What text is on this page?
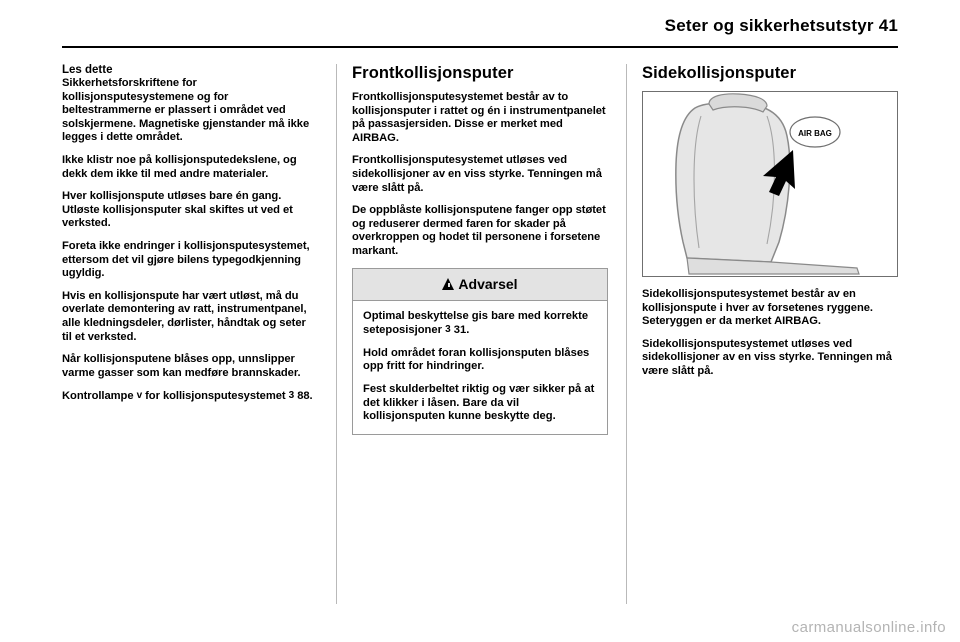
Seter og sikkerhetsutstyr 41
Les dette

Sikkerhetsforskriftene for kollisjonsputesystemene og for beltestrammerne er plassert i området ved solskjermene. Magnetiske gjenstander må ikke legges i dette området.

Ikke klistr noe på kollisjonsputedekslene, og dekk dem ikke til med andre materialer.

Hver kollisjonspute utløses bare én gang. Utløste kollisjonsputer skal skiftes ut ved et verksted.

Foreta ikke endringer i kollisjonsputesystemet, ettersom det vil gjøre bilens typegodkjenning ugyldig.

Hvis en kollisjonspute har vært utløst, må du overlate demontering av ratt, instrumentpanel, alle kledningsdeler, dørlister, håndtak og seter til et verksted.

Når kollisjonsputene blåses opp, unnslipper varme gasser som kan medføre brannskader.

Kontrollampe v for kollisjonsputesystemet 3 88.

Frontkollisjonsputer

Frontkollisjonsputesystemet består av to kollisjonsputer i rattet og én i instrumentpanelet på passasjersiden. Disse er merket med AIRBAG.

Frontkollisjonsputesystemet utløses ved sidekollisjoner av en viss styrke. Tenningen må være slått på.

De oppblåste kollisjonsputene fanger opp støtet og reduserer dermed faren for skader på overkroppen og hodet til personene i forsetene markant.

Advarsel

Optimal beskyttelse gis bare med korrekte seteposisjoner 3 31.

Hold området foran kollisjonsputen blåses opp fritt for hindringer.

Fest skulderbeltet riktig og vær sikker på at det klikker i låsen. Bare da vil kollisjonsputen kunne beskytte deg.

Sidekollisjonsputer
AIR BAG

Sidekollisjonsputesystemet består av en kollisjonspute i hver av forsetenes ryggene. Seteryggen er da merket AIRBAG.

Sidekollisjonsputesystemet utløses ved sidekollisjoner av en viss styrke. Tenningen må være slått på.

carmanualsonline.info
